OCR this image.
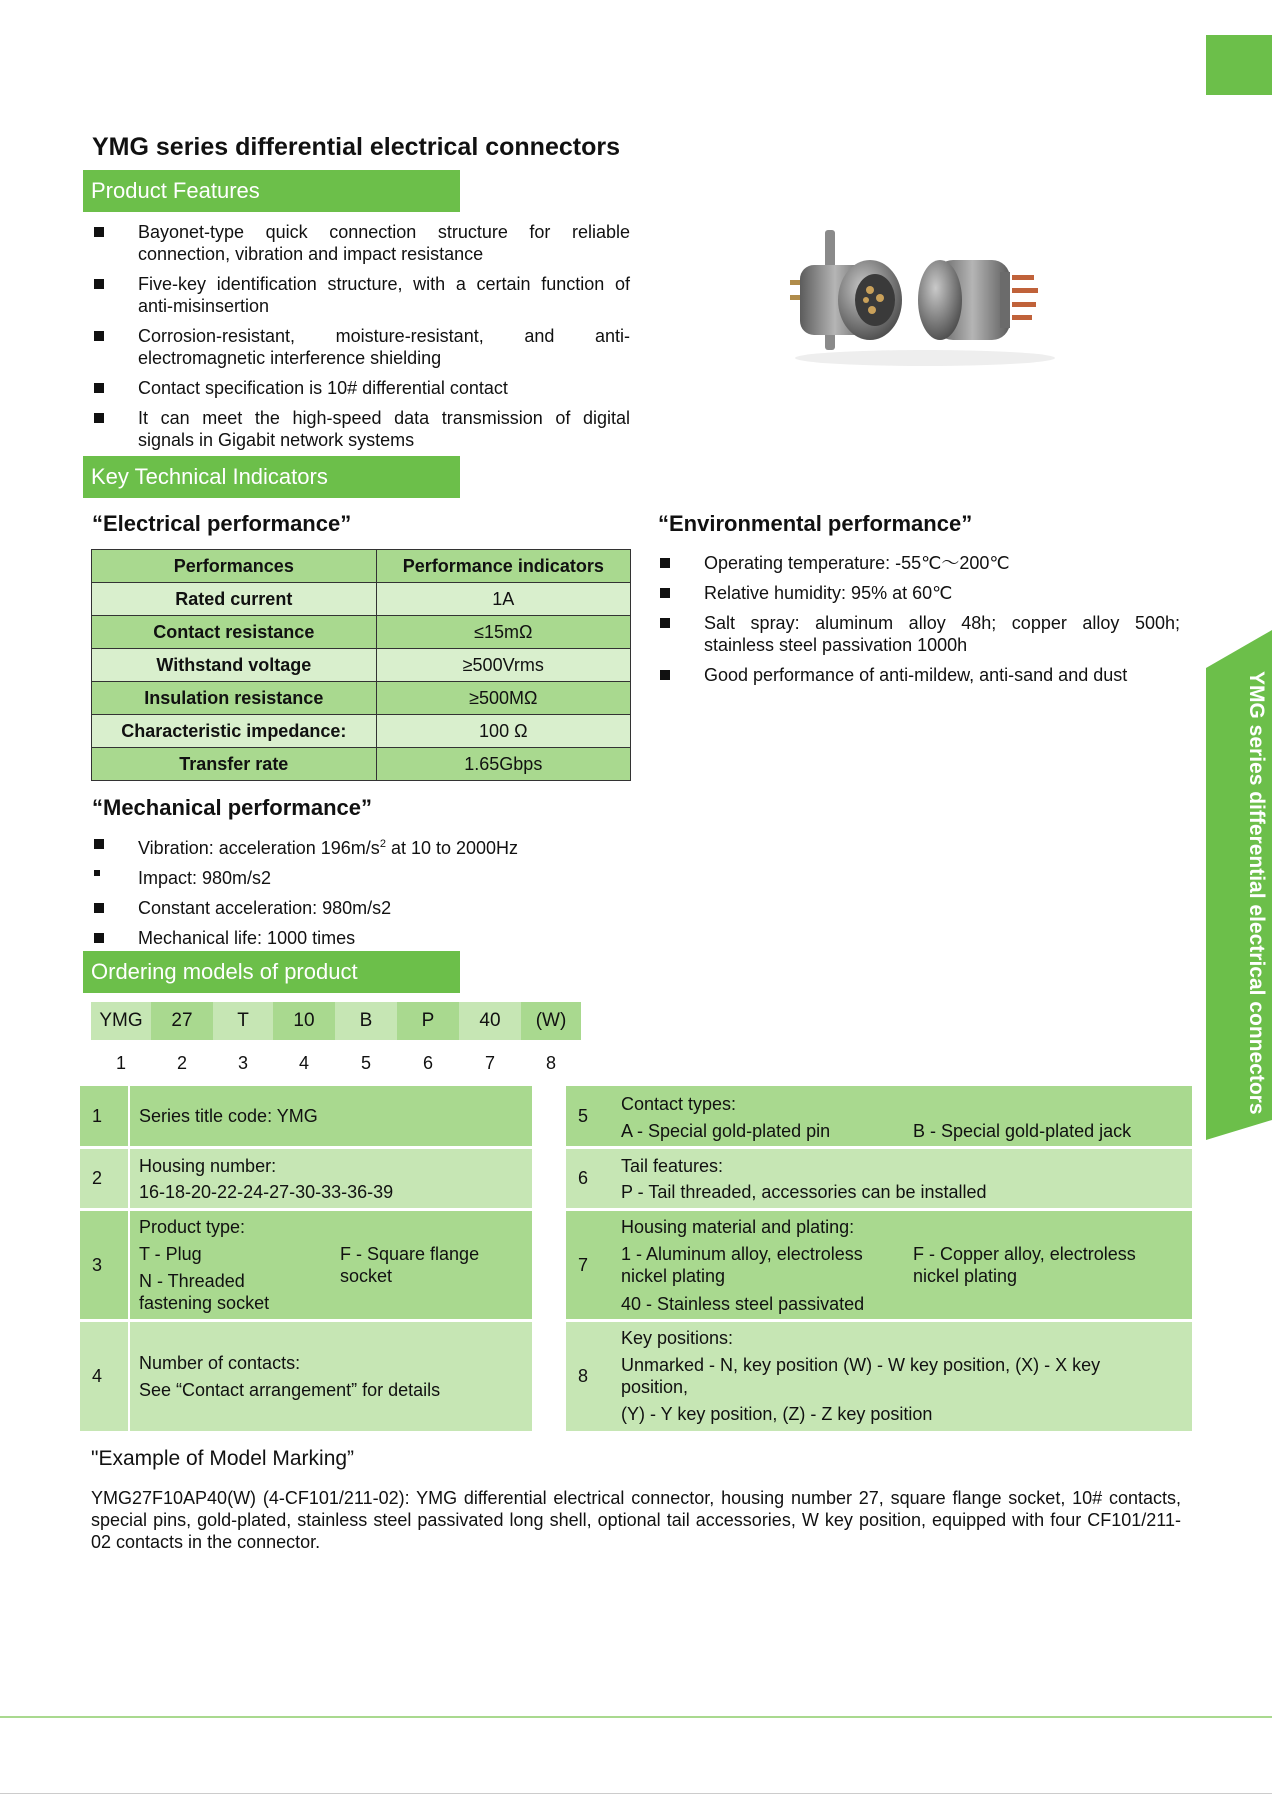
YMG series differential electrical connectors
YMG series differential electrical connectors
Product Features
Bayonet-type quick connection structure for reliable connection, vibration and impact resistance
Five-key identification structure, with a certain function of anti-misinsertion
Corrosion-resistant, moisture-resistant, and anti-electromagnetic interference shielding
Contact specification is 10# differential contact
It can meet the high-speed data transmission of digital signals in Gigabit network systems
Key Technical Indicators
“Electrical performance”
Performances	Performance indicators
Rated current	1A
Contact resistance	≤15mΩ
Withstand voltage	≥500Vrms
Insulation resistance	≥500MΩ
Characteristic impedance:	100 Ω
Transfer rate	1.65Gbps
“Environmental performance”
Operating temperature: -55℃～200℃
Relative humidity: 95% at 60℃
Salt spray: aluminum alloy 48h; copper alloy 500h; stainless steel passivation 1000h
Good performance of anti-mildew, anti-sand and dust
“Mechanical performance”
Vibration: acceleration $196m/s^2$ at 10 to 2000Hz
Impact: 980m/s2
Constant acceleration: 980m/s2
Mechanical life: 1000 times
Ordering models of product
YMG	27	T	10	B	P	40	(W)
1	2	3	4	5	6	7	8
1 Series title code: YMG
2
Housing number:
16-18-20-22-24-27-30-33-36-39
3
Product type:
T - Plug
N - Threaded fastening socket
F - Square flange socket
4
Number of contacts:
See “Contact arrangement” for details
5
Contact types:
A - Special gold-plated pin	B - Special gold-plated jack
6
Tail features:
P - Tail threaded, accessories can be installed
7
Housing material and plating:
1 - Aluminum alloy, electroless nickel plating
F - Copper alloy, electroless nickel plating
40 - Stainless steel passivated
8
Key positions:
Unmarked - N, key position (W) - W key position, (X) - X key position,
(Y) - Y key position, (Z) - Z key position
"Example of Model Marking”
YMG27F10AP40(W) (4-CF101/211-02): YMG differential electrical connector, housing number 27, square flange socket, 10# contacts, special pins, gold-plated, stainless steel passivated long shell, optional tail accessories, W key position, equipped with four CF101/211-02 contacts in the connector.
